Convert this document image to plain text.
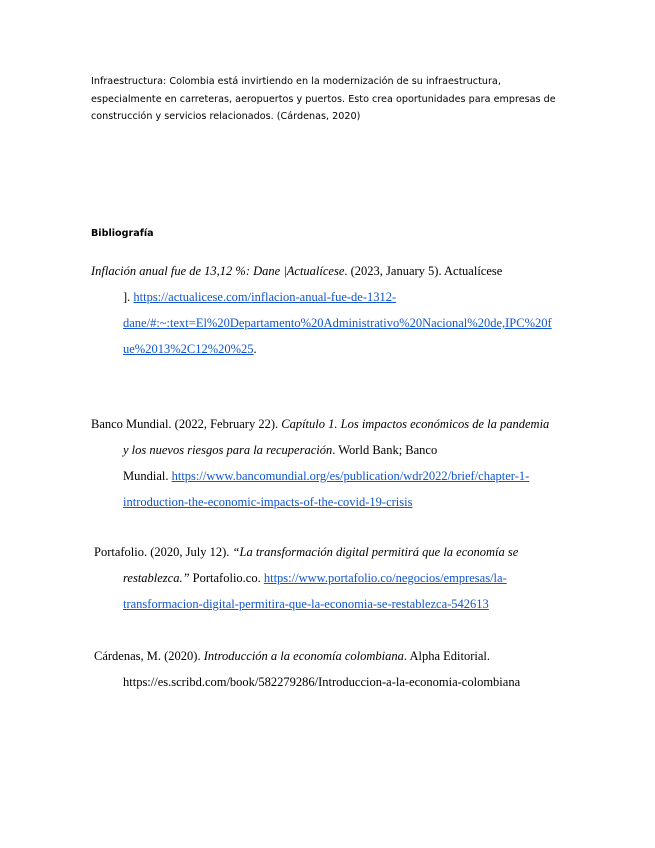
Infraestructura: Colombia está invirtiendo en la modernización de su infraestructura,
especialmente en carreteras, aeropuertos y puertos. Esto crea oportunidades para empresas de
construcción y servicios relacionados. (Cárdenas, 2020)
Bibliografía
Inflación anual fue de 13,12 %: Dane |Actualícese. (2023, January 5). Actualícese
]. https://actualicese.com/inflacion-anual-fue-de-1312-
dane/#:~:text=El%20Departamento%20Administrativo%20Nacional%20de,IPC%20f
ue%2013%2C12%20%25.
Banco Mundial. (2022, February 22). Capítulo 1. Los impactos económicos de la pandemia
y los nuevos riesgos para la recuperación. World Bank; Banco
Mundial. https://www.bancomundial.org/es/publication/wdr2022/brief/chapter-1-
introduction-the-economic-impacts-of-the-covid-19-crisis
Portafolio. (2020, July 12). “La transformación digital permitirá que la economía se
restablezca.” Portafolio.co. https://www.portafolio.co/negocios/empresas/la-
transformacion-digital-permitira-que-la-economia-se-restablezca-542613
Cárdenas, M. (2020). Introducción a la economía colombiana. Alpha Editorial.
https://es.scribd.com/book/582279286/Introduccion-a-la-economia-colombiana
